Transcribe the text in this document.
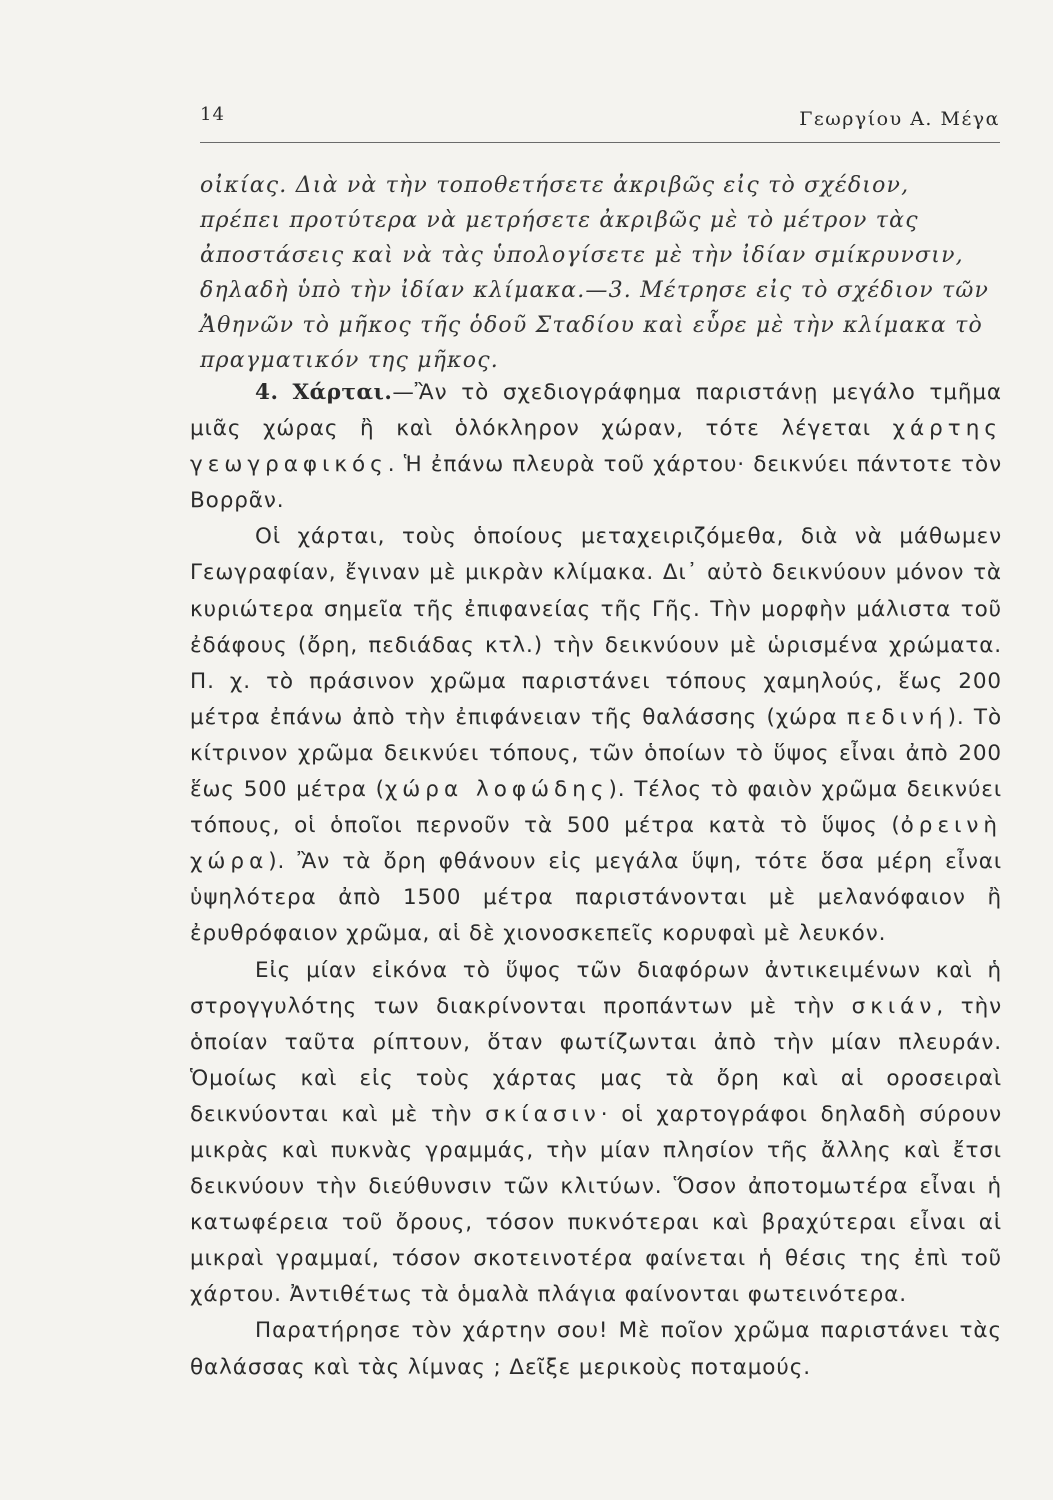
14	Γεωργίου Α. Μέγα

οἰκίας. Διὰ νὰ τὴν τοποθετήσετε ἀκριβῶς εἰς τὸ σχέδιον, πρέπει προτύτερα νὰ μετρήσετε ἀκριβῶς μὲ τὸ μέτρον τὰς ἀποστάσεις καὶ νὰ τὰς ὑπολογίσετε μὲ τὴν ἰδίαν σμίκρυνσιν, δηλαδὴ ὑπὸ τὴν ἰδίαν κλίμακα.—3. Μέτρησε εἰς τὸ σχέδιον τῶν Ἀθηνῶν τὸ μῆκος τῆς ὁδοῦ Σταδίου καὶ εὗρε μὲ τὴν κλίμακα τὸ πραγματικόν της μῆκος.

4. Χάρται.—Ἂν τὸ σχεδιογράφημα παριστάνῃ μεγάλο τμῆμα μιᾶς χώρας ἢ καὶ ὁλόκληρον χώραν, τότε λέγεται χάρτης γεωγραφικός. Ἡ ἐπάνω πλευρὰ τοῦ χάρτου· δεικνύει πάντοτε τὸν Βορρᾶν.

Οἱ χάρται, τοὺς ὁποίους μεταχειριζόμεθα, διὰ νὰ μάθωμεν Γεωγραφίαν, ἔγιναν μὲ μικρὰν κλίμακα. Δι᾽ αὐτὸ δεικνύουν μόνον τὰ κυριώτερα σημεῖα τῆς ἐπιφανείας τῆς Γῆς. Τὴν μορφὴν μάλιστα τοῦ ἐδάφους (ὄρη, πεδιάδας κτλ.) τὴν δεικνύουν μὲ ὡρισμένα χρώματα. Π. χ. τὸ πράσινον χρῶμα παριστάνει τόπους χαμηλούς, ἕως 200 μέτρα ἐπάνω ἀπὸ τὴν ἐπιφάνειαν τῆς θαλάσσης (χώρα πεδινή). Τὸ κίτρινον χρῶμα δεικνύει τόπους, τῶν ὁποίων τὸ ὕψος εἶναι ἀπὸ 200 ἕως 500 μέτρα (χώρα λοφώδης). Τέλος τὸ φαιὸν χρῶμα δεικνύει τόπους, οἱ ὁποῖοι περνοῦν τὰ 500 μέτρα κατὰ τὸ ὕψος (ὀρεινὴ χώρα). Ἂν τὰ ὄρη φθάνουν εἰς μεγάλα ὕψη, τότε ὅσα μέρη εἶναι ὑψηλότερα ἀπὸ 1500 μέτρα παριστάνονται μὲ μελανόφαιον ἢ ἐρυθρόφαιον χρῶμα, αἱ δὲ χιονοσκεπεῖς κορυφαὶ μὲ λευκόν.

Εἰς μίαν εἰκόνα τὸ ὕψος τῶν διαφόρων ἀντικειμένων καὶ ἡ στρογγυλότης των διακρίνονται προπάντων μὲ τὴν σκιάν, τὴν ὁποίαν ταῦτα ρίπτουν, ὅταν φωτίζωνται ἀπὸ τὴν μίαν πλευράν. Ὁμοίως καὶ εἰς τοὺς χάρτας μας τὰ ὄρη καὶ αἱ οροσειραὶ δεικνύονται καὶ μὲ τὴν σκίασιν· οἱ χαρτογράφοι δηλαδὴ σύρουν μικρὰς καὶ πυκνὰς γραμμάς, τὴν μίαν πλησίον τῆς ἄλλης καὶ ἔτσι δεικνύουν τὴν διεύθυνσιν τῶν κλιτύων. Ὅσον ἀποτομωτέρα εἶναι ἡ κατωφέρεια τοῦ ὄρους, τόσον πυκνότεραι καὶ βραχύτεραι εἶναι αἱ μικραὶ γραμμαί, τόσον σκοτεινοτέρα φαίνεται ἡ θέσις της ἐπὶ τοῦ χάρτου. Ἀντιθέτως τὰ ὁμαλὰ πλάγια φαίνονται φωτεινότερα.

Παρατήρησε τὸν χάρτην σου! Μὲ ποῖον χρῶμα παριστάνει τὰς θαλάσσας καὶ τὰς λίμνας ; Δεῖξε μερικοὺς ποταμούς.
